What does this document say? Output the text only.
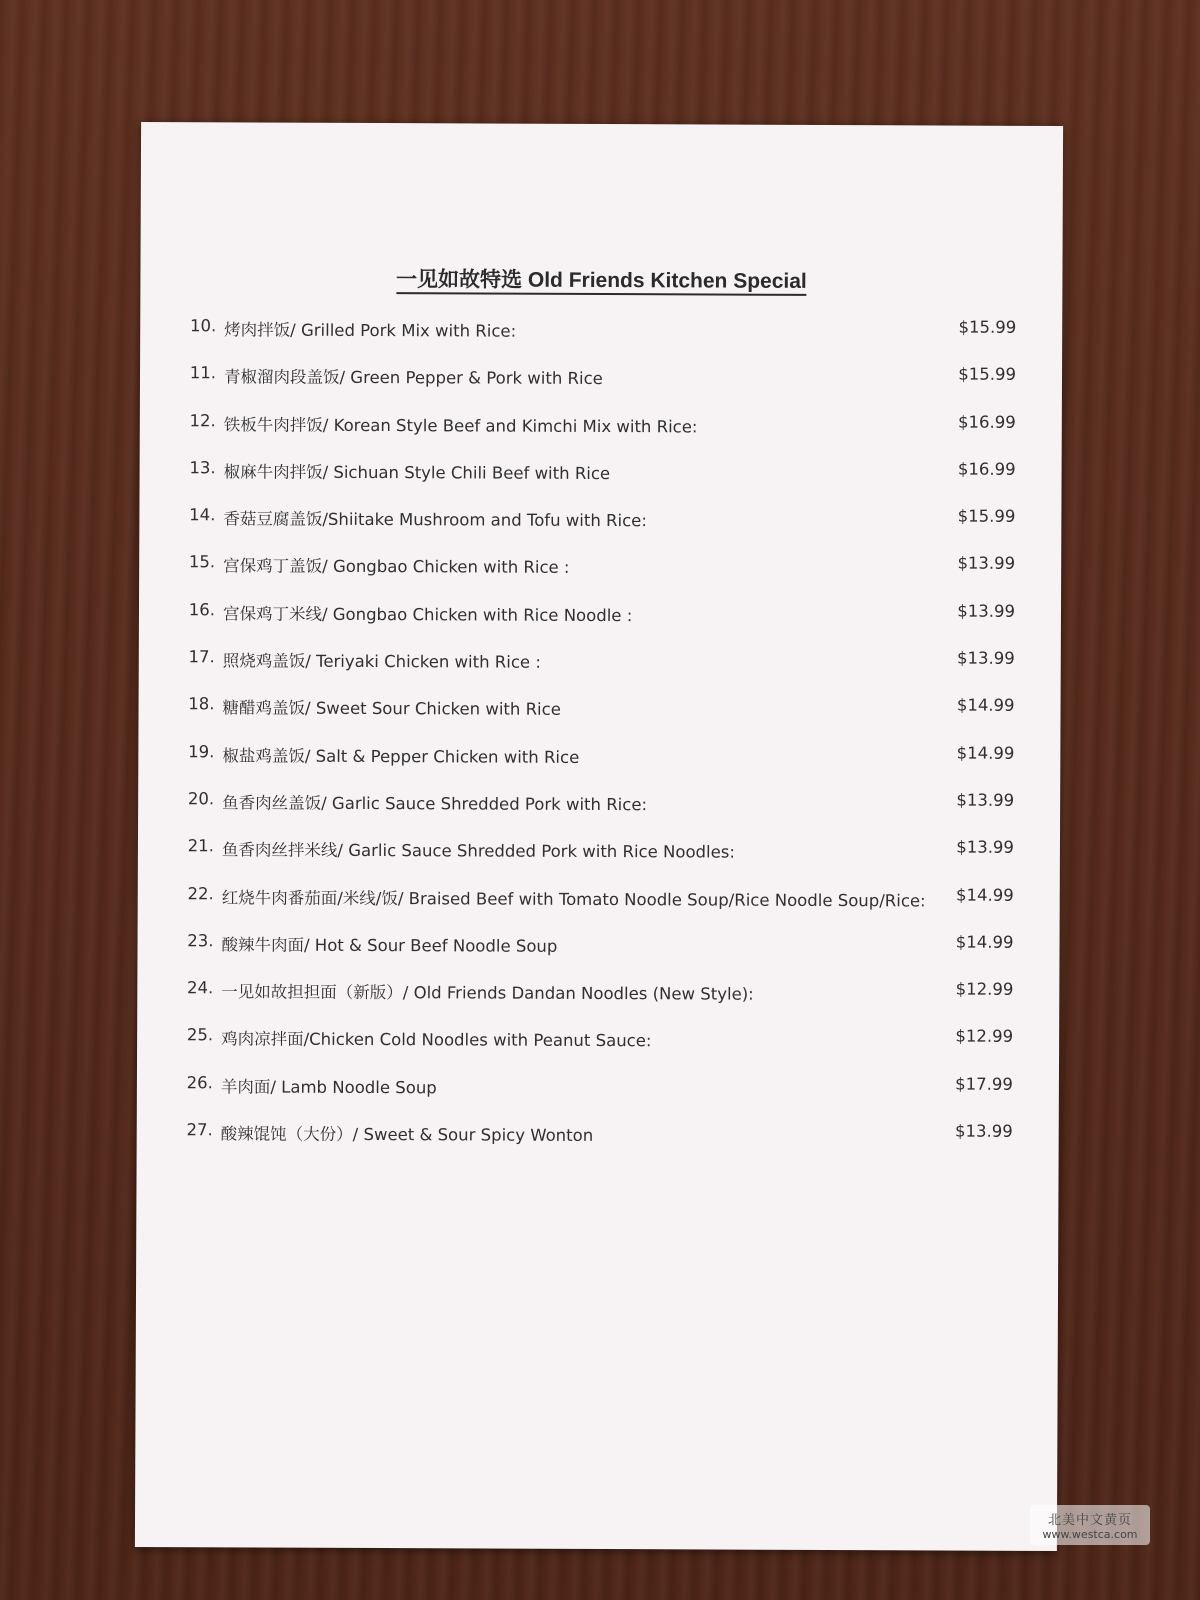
一见如故特选 Old Friends Kitchen Special
10. 烤肉拌饭/ Grilled Pork Mix with Rice:	$15.99
11. 青椒溜肉段盖饭/ Green Pepper & Pork with Rice	$15.99
12. 铁板牛肉拌饭/ Korean Style Beef and Kimchi Mix with Rice:	$16.99
13. 椒麻牛肉拌饭/ Sichuan Style Chili Beef with Rice	$16.99
14. 香菇豆腐盖饭/Shiitake Mushroom and Tofu with Rice:	$15.99
15. 宫保鸡丁盖饭/ Gongbao Chicken with Rice :	$13.99
16. 宫保鸡丁米线/ Gongbao Chicken with Rice Noodle :	$13.99
17. 照烧鸡盖饭/ Teriyaki Chicken with Rice :	$13.99
18. 糖醋鸡盖饭/ Sweet Sour Chicken with Rice	$14.99
19. 椒盐鸡盖饭/ Salt & Pepper Chicken with Rice	$14.99
20. 鱼香肉丝盖饭/ Garlic Sauce Shredded Pork with Rice:	$13.99
21. 鱼香肉丝拌米线/ Garlic Sauce Shredded Pork with Rice Noodles:	$13.99
22. 红烧牛肉番茄面/米线/饭/ Braised Beef with Tomato Noodle Soup/Rice Noodle Soup/Rice: $14.99
23. 酸辣牛肉面/ Hot & Sour Beef Noodle Soup	$14.99
24. 一见如故担担面（新版）/ Old Friends Dandan Noodles (New Style):	$12.99
25. 鸡肉凉拌面/Chicken Cold Noodles with Peanut Sauce:	$12.99
26. 羊肉面/ Lamb Noodle Soup	$17.99
27. 酸辣馄饨（大份）/ Sweet & Sour Spicy Wonton	$13.99
北美中文黄页
www.westca.com
